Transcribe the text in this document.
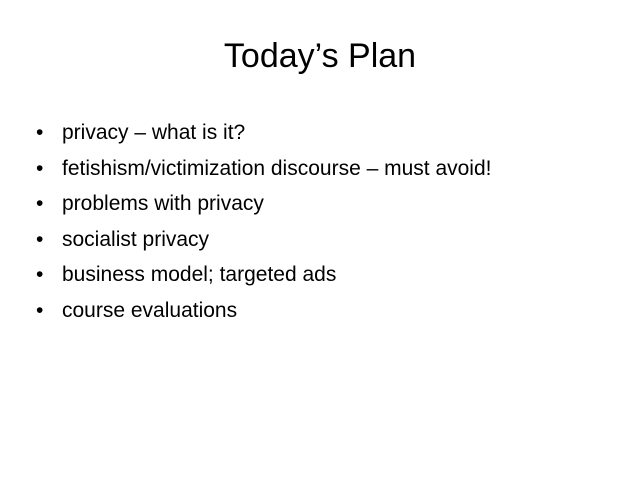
Today’s Plan
• privacy – what is it?
• fetishism/victimization discourse – must avoid!
• problems with privacy
• socialist privacy
• business model; targeted ads
• course evaluations
